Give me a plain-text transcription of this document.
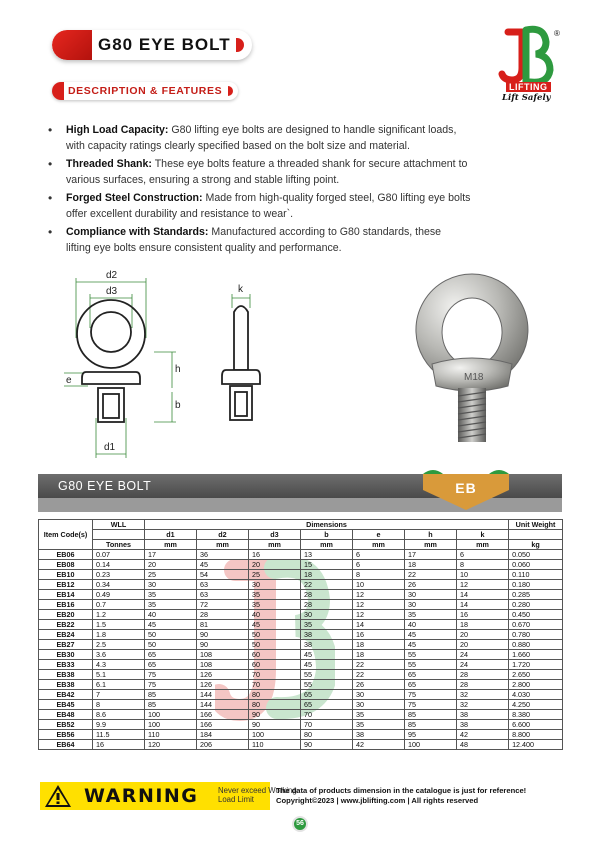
G80 EYE BOLT
DESCRIPTION & FEATURES
®
LIFTING
Lift Safely
• High Load Capacity: G80 lifting eye bolts are designed to handle significant loads,
with capacity ratings clearly specified based on the bolt size and material.
• Threaded Shank: These eye bolts feature a threaded shank for secure attachment to
various surfaces, ensuring a strong and stable lifting point.
• Forged Steel Construction: Made from high-quality forged steel, G80 lifting eye bolts
offer excellent durability and resistance to wear`.
• Compliance with Standards: Manufactured according to G80 standards, these
lifting eye bolts ensure consistent quality and performance.
d2
d3
d1
e
h
b
k
M18
G80 EYE BOLT	EB
Item Code(s)	WLL	Dimensions							Unit Weight
		d1	d2	d3	b	e	h	k	
	Tonnes	mm	mm	mm	mm	mm	mm	mm	kg
EB06	0.07	17	36	16	13	6	17	6	0.050
EB08	0.14	20	45	20	15	6	18	8	0.060
EB10	0.23	25	54	25	18	8	22	10	0.110
EB12	0.34	30	63	30	22	10	26	12	0.180
EB14	0.49	35	63	35	28	12	30	14	0.285
EB16	0.7	35	72	35	28	12	30	14	0.280
EB20	1.2	40	28	40	30	12	35	16	0.450
EB22	1.5	45	81	45	35	14	40	18	0.670
EB24	1.8	50	90	50	38	16	45	20	0.780
EB27	2.5	50	90	50	38	18	45	20	0.880
EB30	3.6	65	108	60	45	18	55	24	1.660
EB33	4.3	65	108	60	45	22	55	24	1.720
EB38	5.1	75	126	70	55	22	65	28	2.650
EB38	6.1	75	126	70	55	26	65	28	2.800
EB42	7	85	144	80	65	30	75	32	4.030
EB45	8	85	144	80	65	30	75	32	4.250
EB48	8.6	100	166	90	70	35	85	38	8.380
EB52	9.9	100	166	90	70	35	85	38	6.600
EB56	11.5	110	184	100	80	38	95	42	8.800
EB64	16	120	206	110	90	42	100	48	12.400
WARNING	Never exceed Working Load Limit
The data of products dimension in the catalogue is just for reference!
Copyright©2023 | www.jblifting.com | All rights reserved
56
